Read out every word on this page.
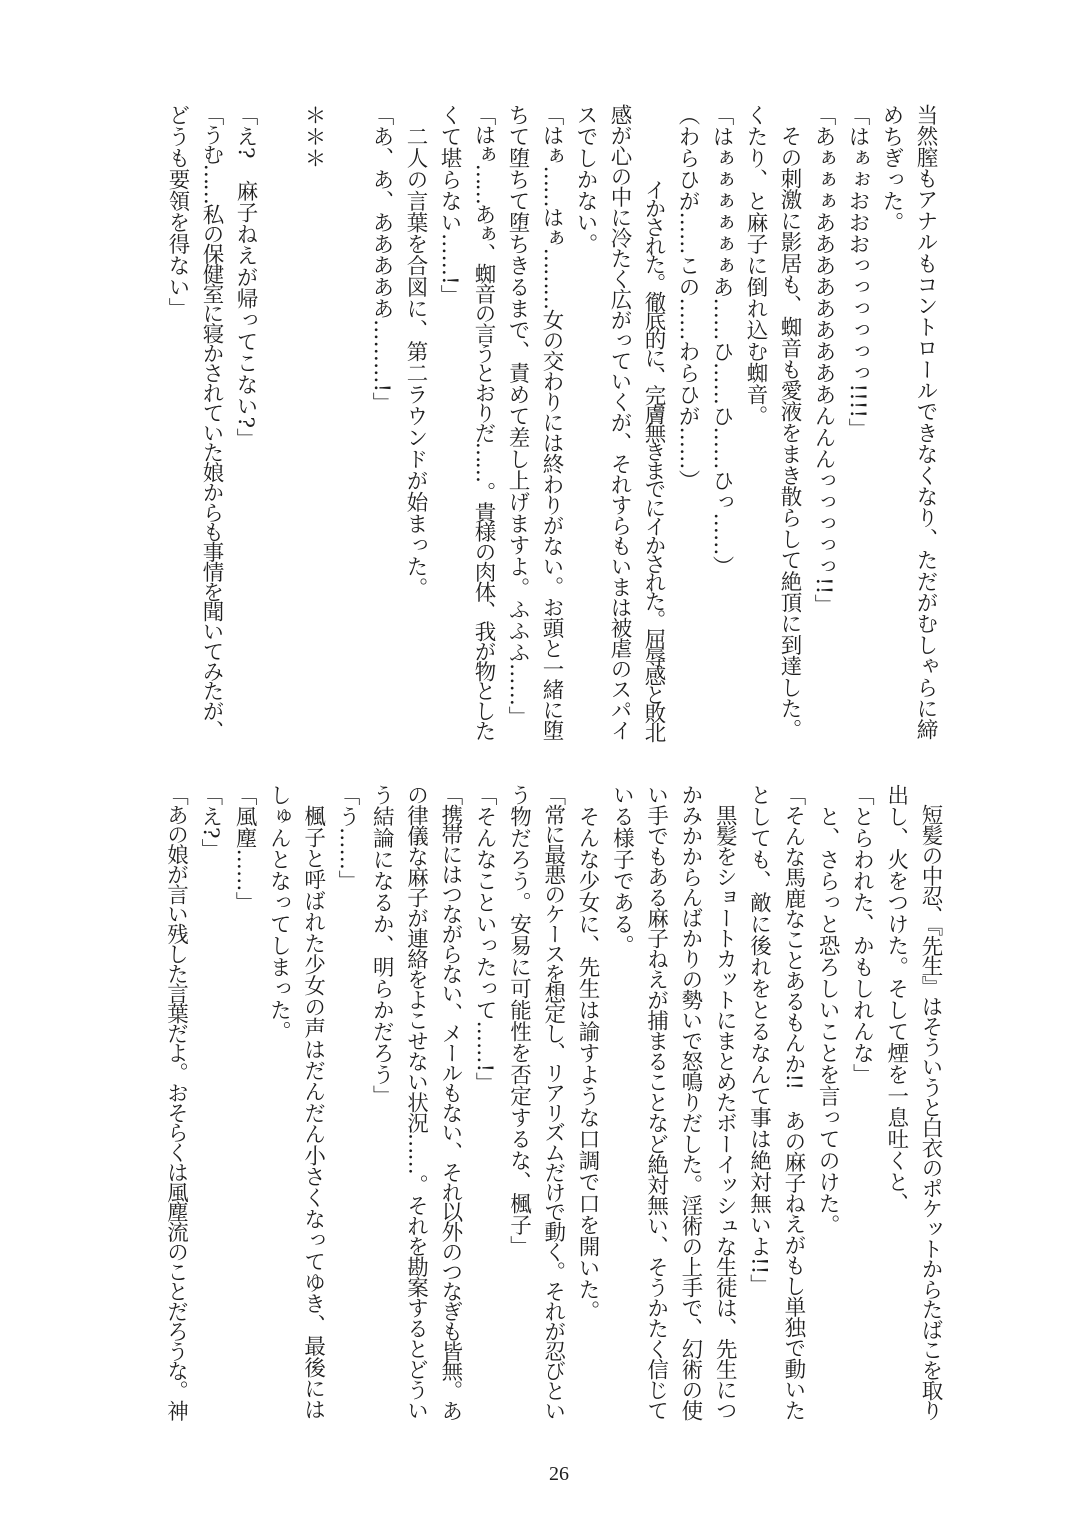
当然膣もアナルもコントロールできなくなり、ただがむしゃらに締
めちぎった。
「はぁぉおおおっっっっっっ!!!!」
「あぁぁぁあああああああああんんんっっっっっ!!」
　その刺激に影居も、蜘音も愛液をまき散らして絶頂に到達した。
くたり、と麻子に倒れ込む蜘音。
「はぁぁぁぁぁぁあ……ひ……ひ……ひっ……）
（わらひが……この……わらひが……）
　　　　イかされた。徹底的に、完膚無きまでにイかされた。屈辱感と敗北
感が心の中に冷たく広がっていくが、それすらもいまは被虐のスパイ
スでしかない。
「はぁ……はぁ………女の交わりには終わりがない。お頭と一緒に堕
ちて堕ちて堕ちきるまで、責めて差し上げますよ。ふふふ……」
「はぁ……あぁ、蜘音の言うとおりだ……。貴様の肉体、我が物とした
くて堪らない……!」
　二人の言葉を合図に、第二ラウンドが始まった。
「あ、あ、あああああ………!」
＊＊＊
「え?　麻子ねえが帰ってこない?」
「うむ……私の保健室に寝かされていた娘からも事情を聞いてみたが、
どうも要領を得ない」
　短髪の中忍、『先生』はそういうと白衣のポケットからたばこを取り
出し、火をつけた。そして煙を一息吐くと、
「とらわれた、かもしれんな」
　と、さらっと恐ろしいことを言ってのけた。
「そんな馬鹿なことあるもんか!!　あの麻子ねえがもし単独で動いた
としても、敵に後れをとるなんて事は絶対無いよ!!」
　黒髪をショートカットにまとめたボーイッシュな生徒は、先生につ
かみかからんばかりの勢いで怒鳴りだした。淫術の上手で、幻術の使
い手でもある麻子ねえが捕まることなど絶対無い、そうかたく信じて
いる様子である。
　そんな少女に、先生は諭すような口調で口を開いた。
「常に最悪のケースを想定し、リアリズムだけで動く。それが忍びとい
う物だろう。安易に可能性を否定するな、楓子」
「そんなこといったって……!」
「携帯にはつながらない、メールもない、それ以外のつなぎも皆無。あ
の律儀な麻子が連絡をよこせない状況……。それを勘案するとどうい
う結論になるか、明らかだろう」
「う……」
　楓子と呼ばれた少女の声はだんだん小さくなってゆき、最後には
しゅんとなってしまった。
「風塵……」
「え?」
「あの娘が言い残した言葉だよ。おそらくは風塵流のことだろうな。神
26
